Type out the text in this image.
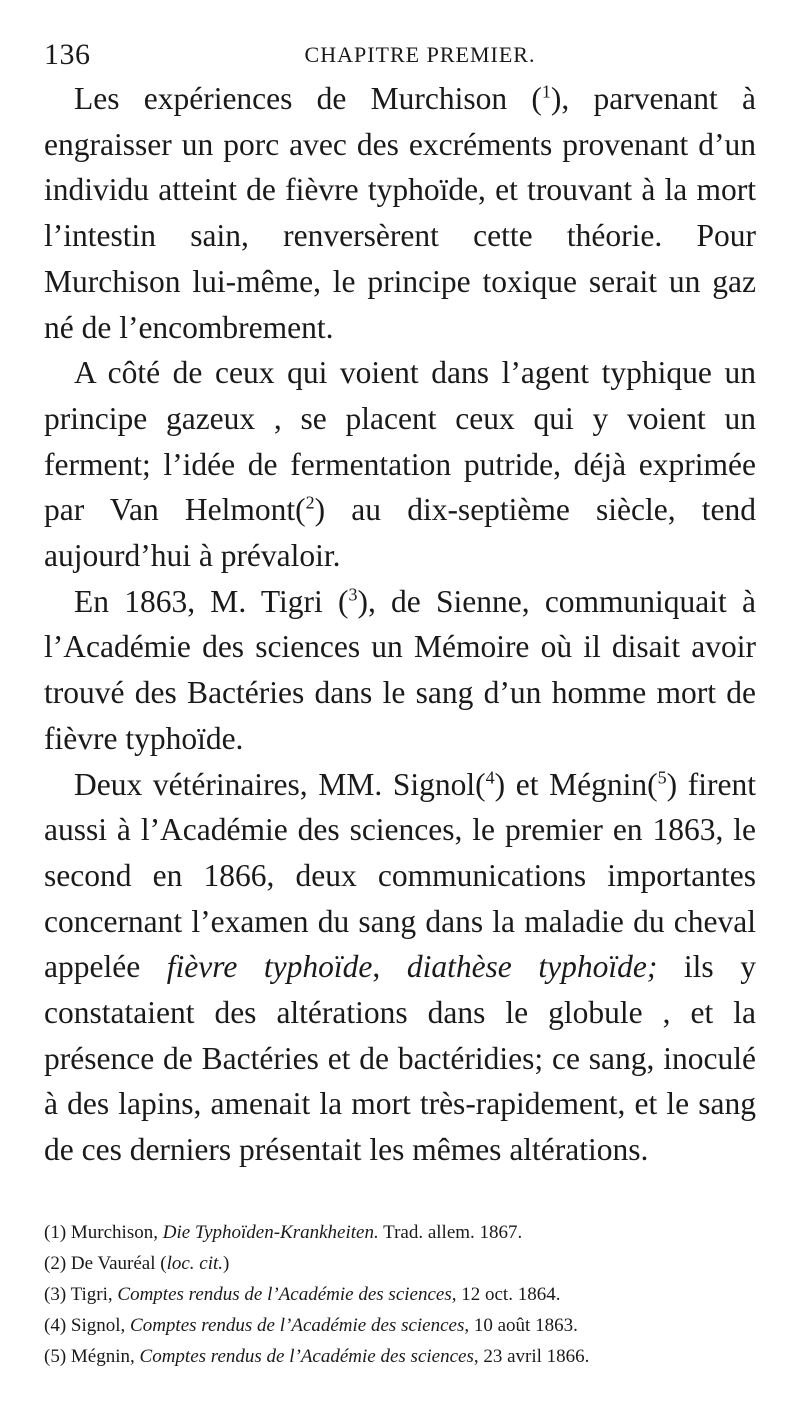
136	CHAPITRE PREMIER.

Les expériences de Murchison ($^1$), parvenant à engraisser un porc avec des excréments provenant d’un individu atteint de fièvre typhoïde, et trouvant à la mort l’intestin sain, renversèrent cette théorie. Pour Murchison lui-même, le principe toxique serait un gaz né de l’encombrement.

A côté de ceux qui voient dans l’agent typhique un principe gazeux , se placent ceux qui y voient un ferment; l’idée de fermentation putride, déjà exprimée par Van Helmont($^2$) au dix-septième siècle, tend aujourd’hui à prévaloir.

En 1863, M. Tigri ($^3$), de Sienne, communiquait à l’Académie des sciences un Mémoire où il disait avoir trouvé des Bactéries dans le sang d’un homme mort de fièvre typhoïde.

Deux vétérinaires, MM. Signol($^4$) et Mégnin($^5$) firent aussi à l’Académie des sciences, le premier en 1863, le second en 1866, deux communications importantes concernant l’examen du sang dans la maladie du cheval appelée fièvre typhoïde, diathèse typhoïde; ils y constataient des altérations dans le globule , et la présence de Bactéries et de bactéridies; ce sang, inoculé à des lapins, amenait la mort très-rapidement, et le sang de ces derniers présentait les mêmes altérations.

(1) Murchison, Die Typhoïden-Krankheiten. Trad. allem. 1867.

(2) De Vauréal (loc. cit.)

(3) Tigri, Comptes rendus de l’Académie des sciences, 12 oct. 1864.

(4) Signol, Comptes rendus de l’Académie des sciences, 10 août 1863.

(5) Mégnin, Comptes rendus de l’Académie des sciences, 23 avril 1866.
